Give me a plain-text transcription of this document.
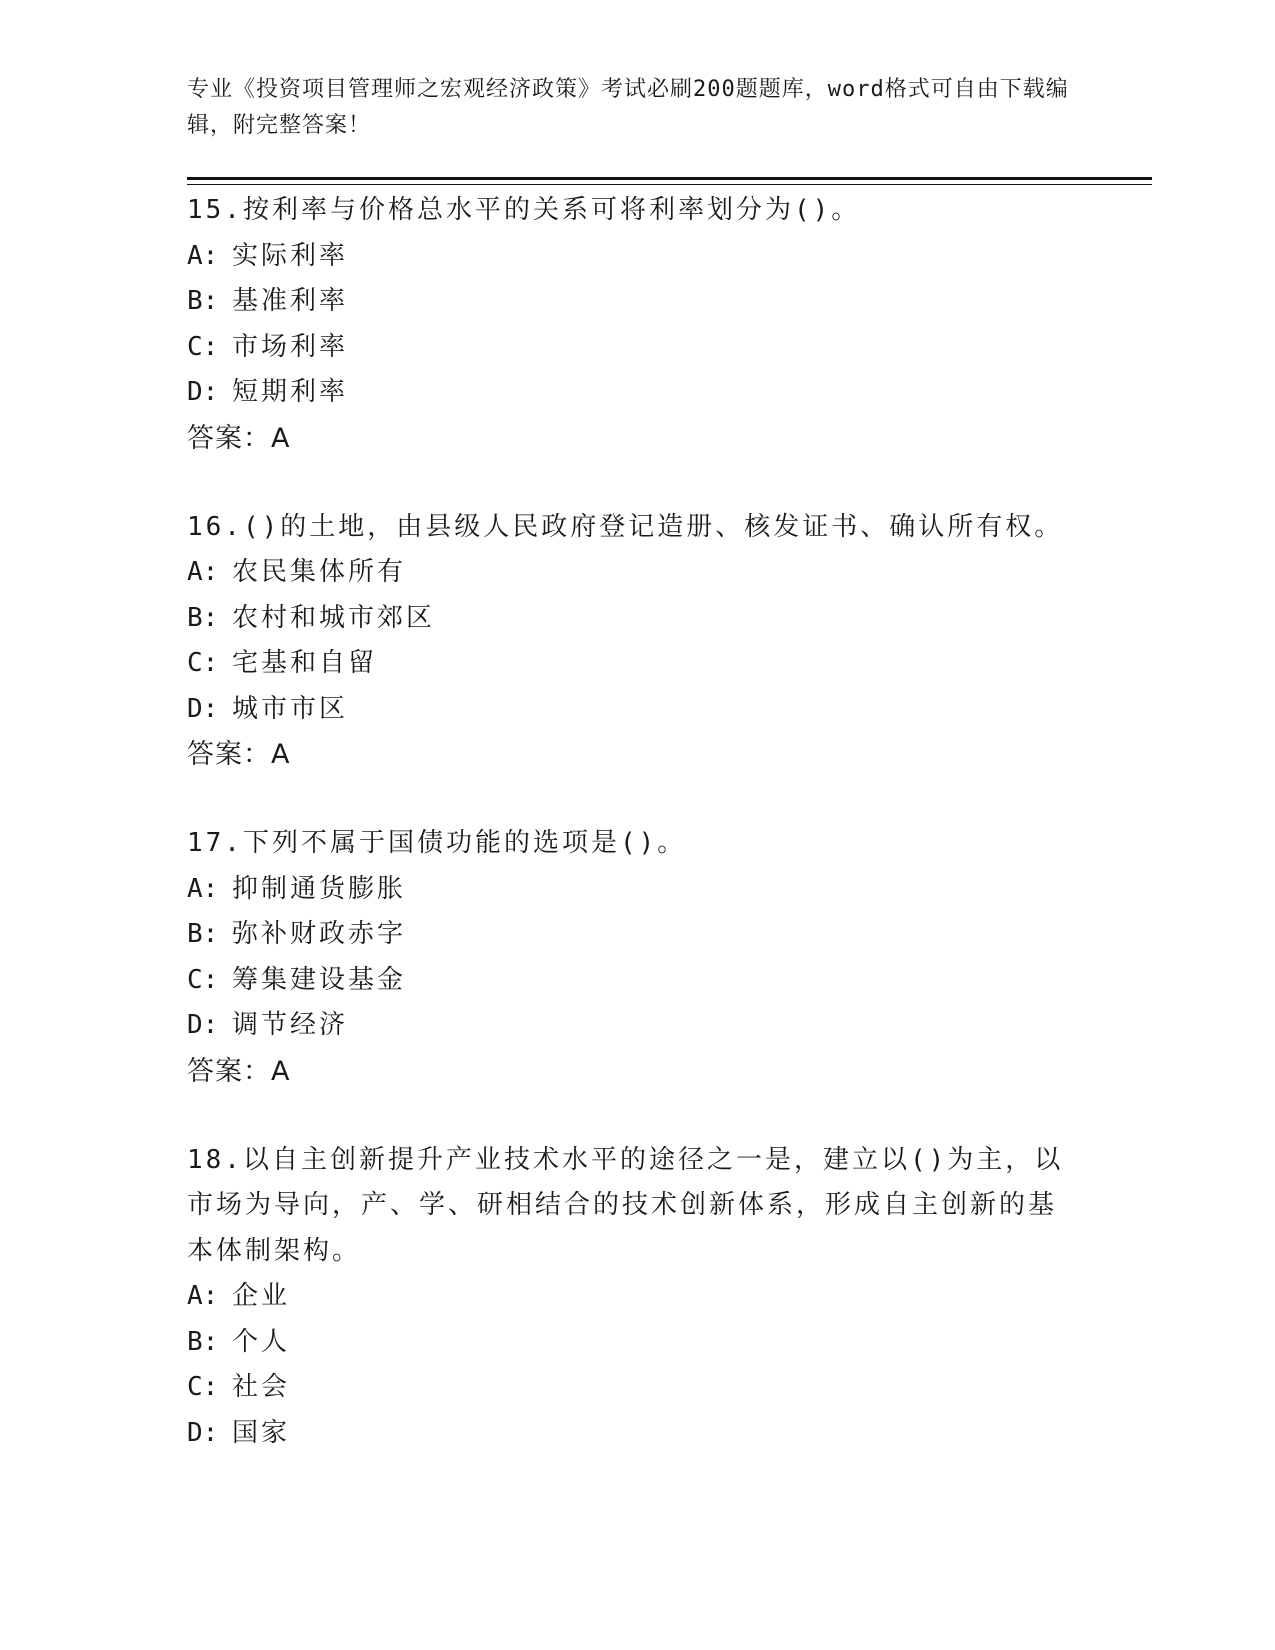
专业《投资项目管理师之宏观经济政策》考试必刷200题题库，word格式可自由下载编辑，附完整答案！
15.按利率与价格总水平的关系可将利率划分为()。
A: 实际利率
B: 基准利率
C: 市场利率
D: 短期利率
答案：A
16.()的土地，由县级人民政府登记造册、核发证书、确认所有权。
A: 农民集体所有
B: 农村和城市郊区
C: 宅基和自留
D: 城市市区
答案：A
17.下列不属于国债功能的选项是()。
A: 抑制通货膨胀
B: 弥补财政赤字
C: 筹集建设基金
D: 调节经济
答案：A
18.以自主创新提升产业技术水平的途径之一是，建立以()为主，以市场为导向，产、学、研相结合的技术创新体系，形成自主创新的基本体制架构。
A: 企业
B: 个人
C: 社会
D: 国家
